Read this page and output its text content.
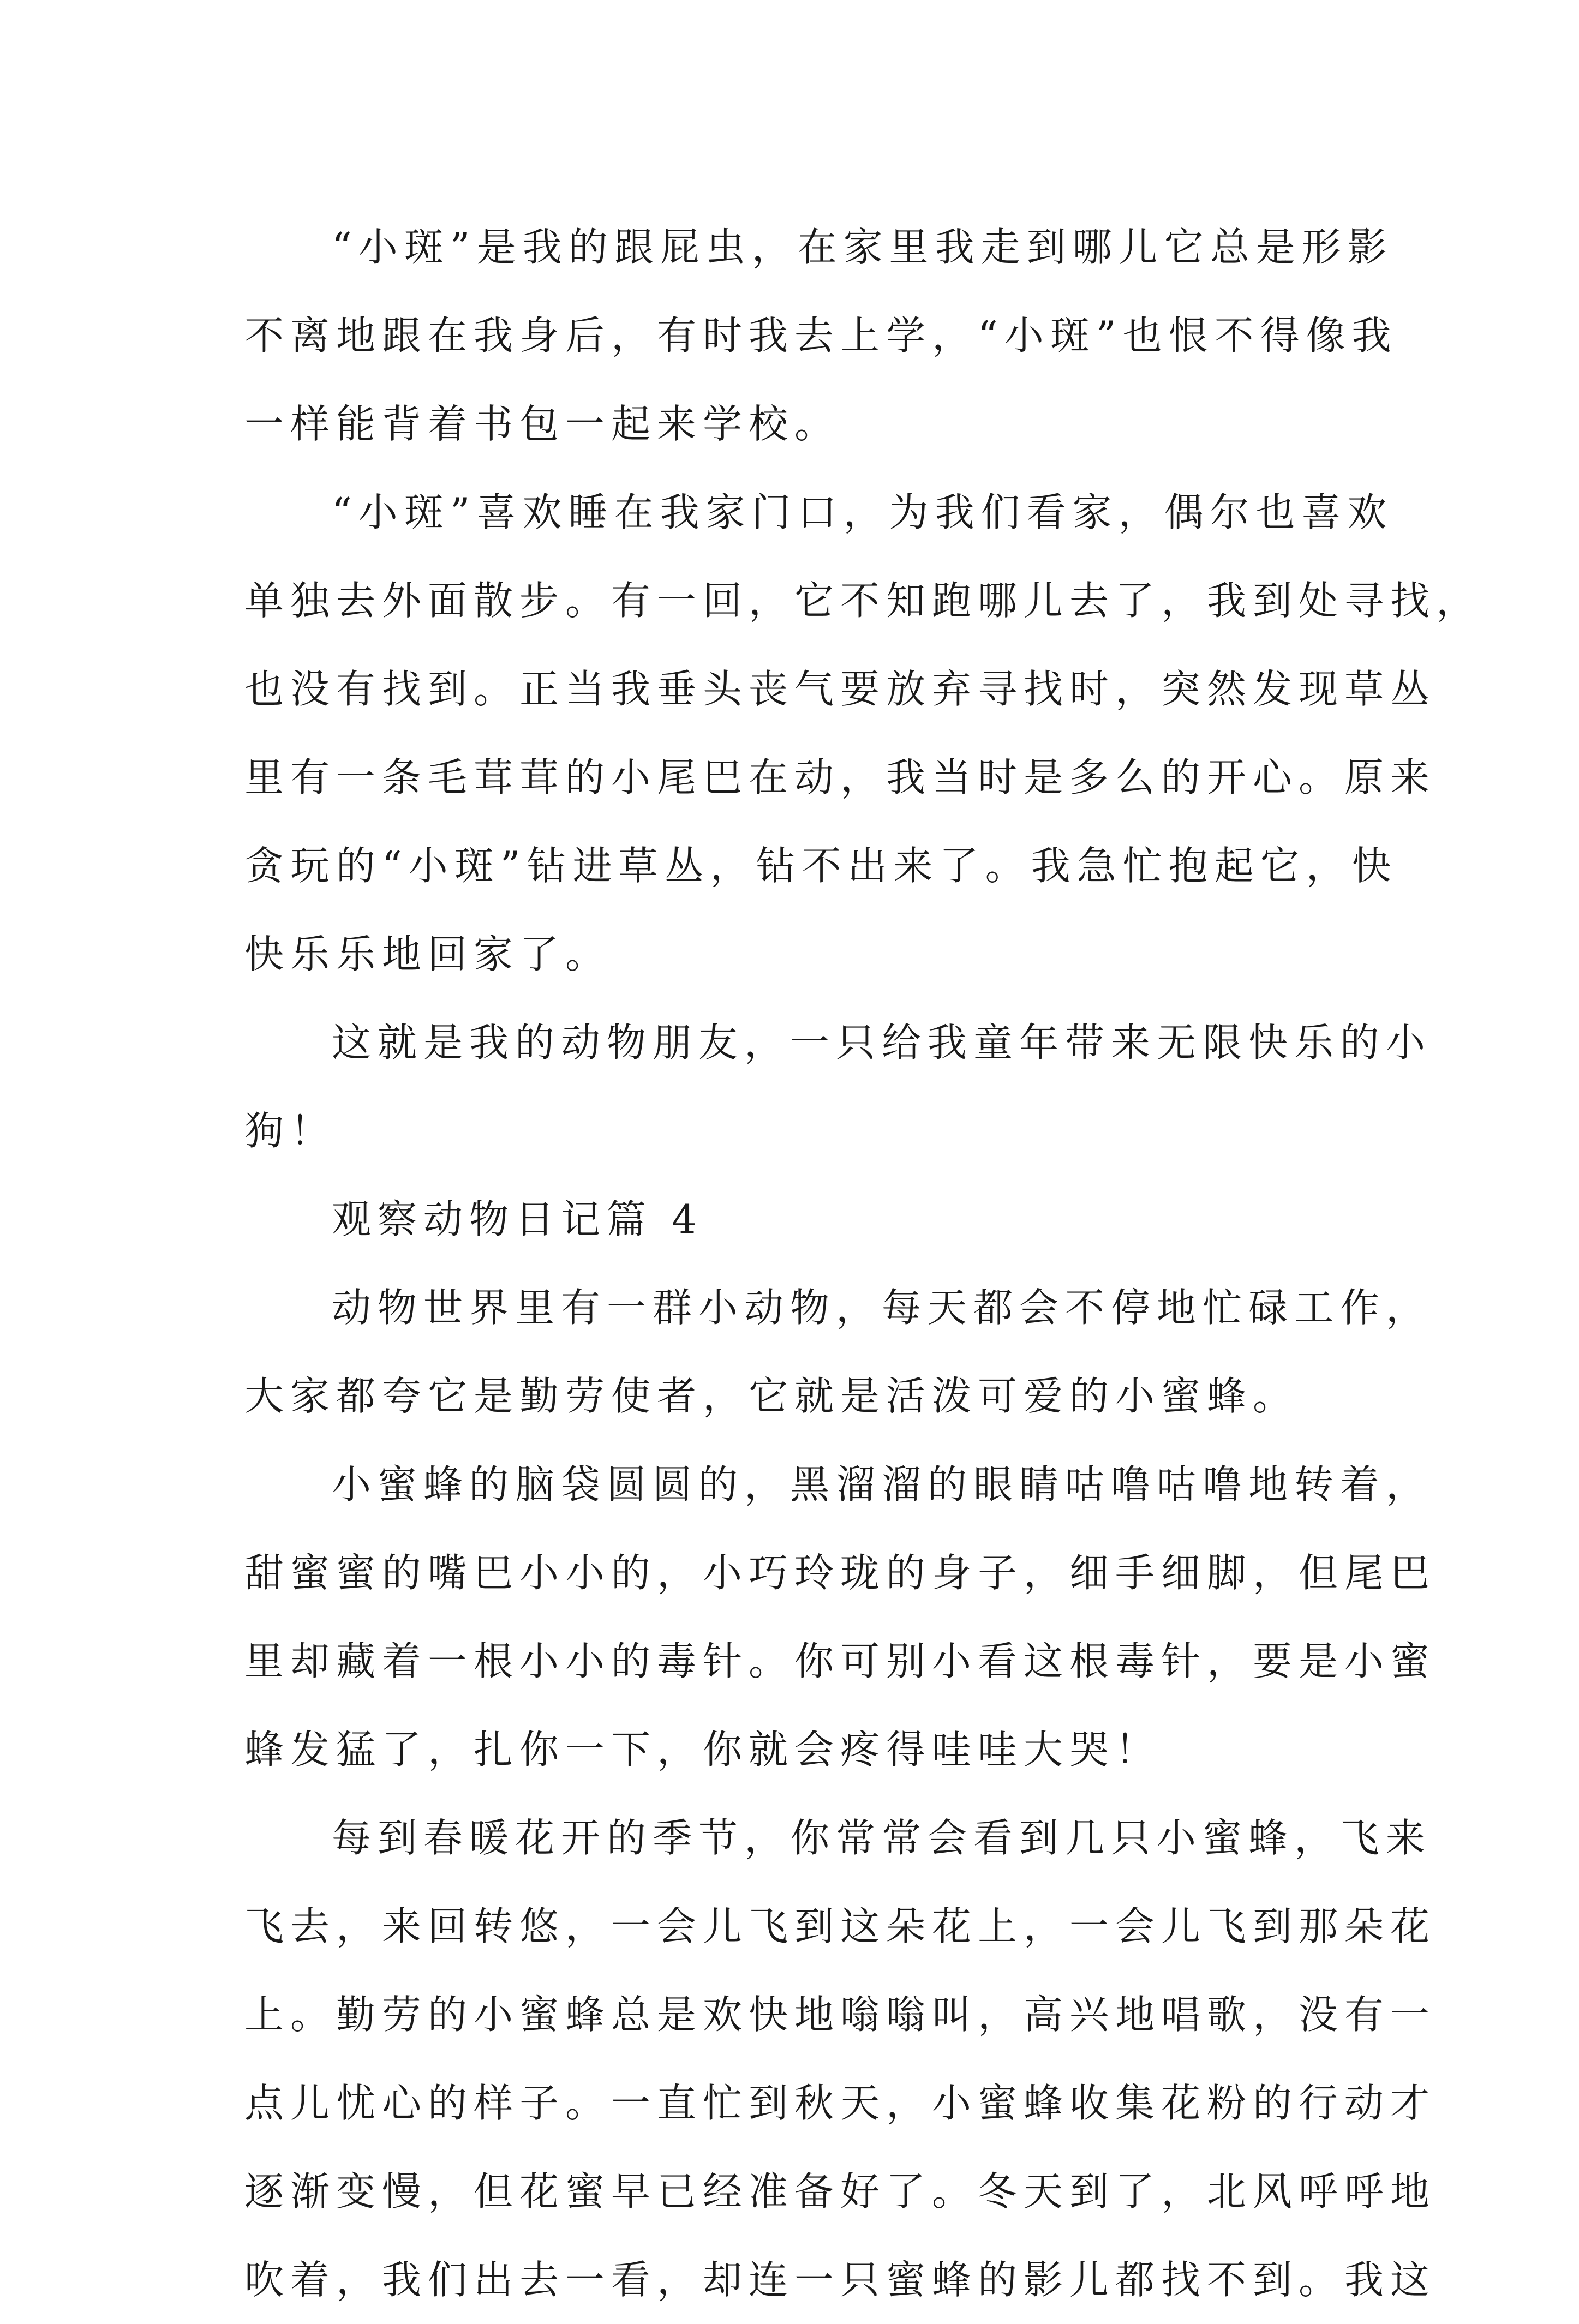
“小斑”是我的跟屁虫，在家里我走到哪儿它总是形影
不离地跟在我身后，有时我去上学，“小斑”也恨不得像我
一样能背着书包一起来学校。
“小斑”喜欢睡在我家门口，为我们看家，偶尔也喜欢
单独去外面散步。有一回，它不知跑哪儿去了，我到处寻找，
也没有找到。正当我垂头丧气要放弃寻找时，突然发现草丛
里有一条毛茸茸的小尾巴在动，我当时是多么的开心。原来
贪玩的“小斑”钻进草丛，钻不出来了。我急忙抱起它，快
快乐乐地回家了。
这就是我的动物朋友，一只给我童年带来无限快乐的小
狗！
观察动物日记篇 4
动物世界里有一群小动物，每天都会不停地忙碌工作，
大家都夸它是勤劳使者，它就是活泼可爱的小蜜蜂。
小蜜蜂的脑袋圆圆的，黑溜溜的眼睛咕噜咕噜地转着，
甜蜜蜜的嘴巴小小的，小巧玲珑的身子，细手细脚，但尾巴
里却藏着一根小小的毒针。你可别小看这根毒针，要是小蜜
蜂发猛了，扎你一下，你就会疼得哇哇大哭！
每到春暖花开的季节，你常常会看到几只小蜜蜂，飞来
飞去，来回转悠，一会儿飞到这朵花上，一会儿飞到那朵花
上。勤劳的小蜜蜂总是欢快地嗡嗡叫，高兴地唱歌，没有一
点儿忧心的样子。一直忙到秋天，小蜜蜂收集花粉的行动才
逐渐变慢，但花蜜早已经准备好了。冬天到了，北风呼呼地
吹着，我们出去一看，却连一只蜜蜂的影儿都找不到。我这
